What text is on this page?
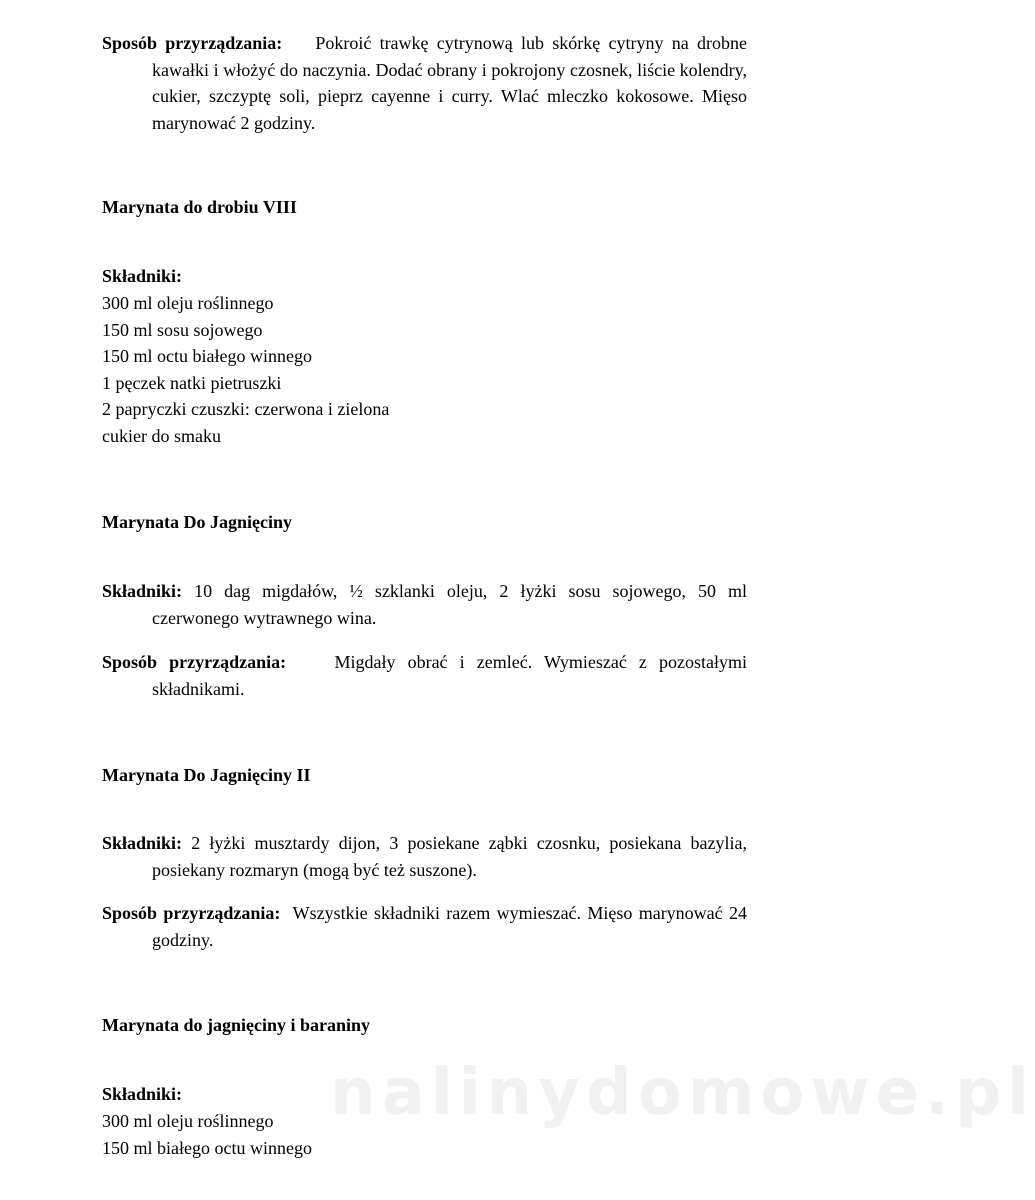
Sposób przyrządzania: Pokroić trawkę cytrynową lub skórkę cytryny na drobne kawałki i włożyć do naczynia. Dodać obrany i pokrojony czosnek, liście kolendry, cukier, szczyptę soli, pieprz cayenne i curry. Wlać mleczko kokosowe. Mięso marynować 2 godziny.

Marynata do drobiu VIII
Składniki:
300 ml oleju roślinnego
150 ml sosu sojowego
150 ml octu białego winnego
1 pęczek natki pietruszki
2 papryczki czuszki: czerwona i zielona
cukier do smaku
Marynata Do Jagnięciny

Składniki: 10 dag migdałów, ½ szklanki oleju, 2 łyżki sosu sojowego, 50 ml czerwonego wytrawnego wina.

Sposób przyrządzania:	Migdały obrać i zemleć. Wymieszać z pozostałymi składnikami.

Marynata Do Jagnięciny II

Składniki: 2 łyżki musztardy dijon, 3 posiekane ząbki czosnku, posiekana bazylia, posiekany rozmaryn (mogą być też suszone).

Sposób przyrządzania: Wszystkie składniki razem wymieszać. Mięso marynować 24 godziny.

Marynata do jagnięciny i baraniny
Składniki:
300 ml oleju roślinnego
150 ml białego octu winnego
nalinydomowe.pl
